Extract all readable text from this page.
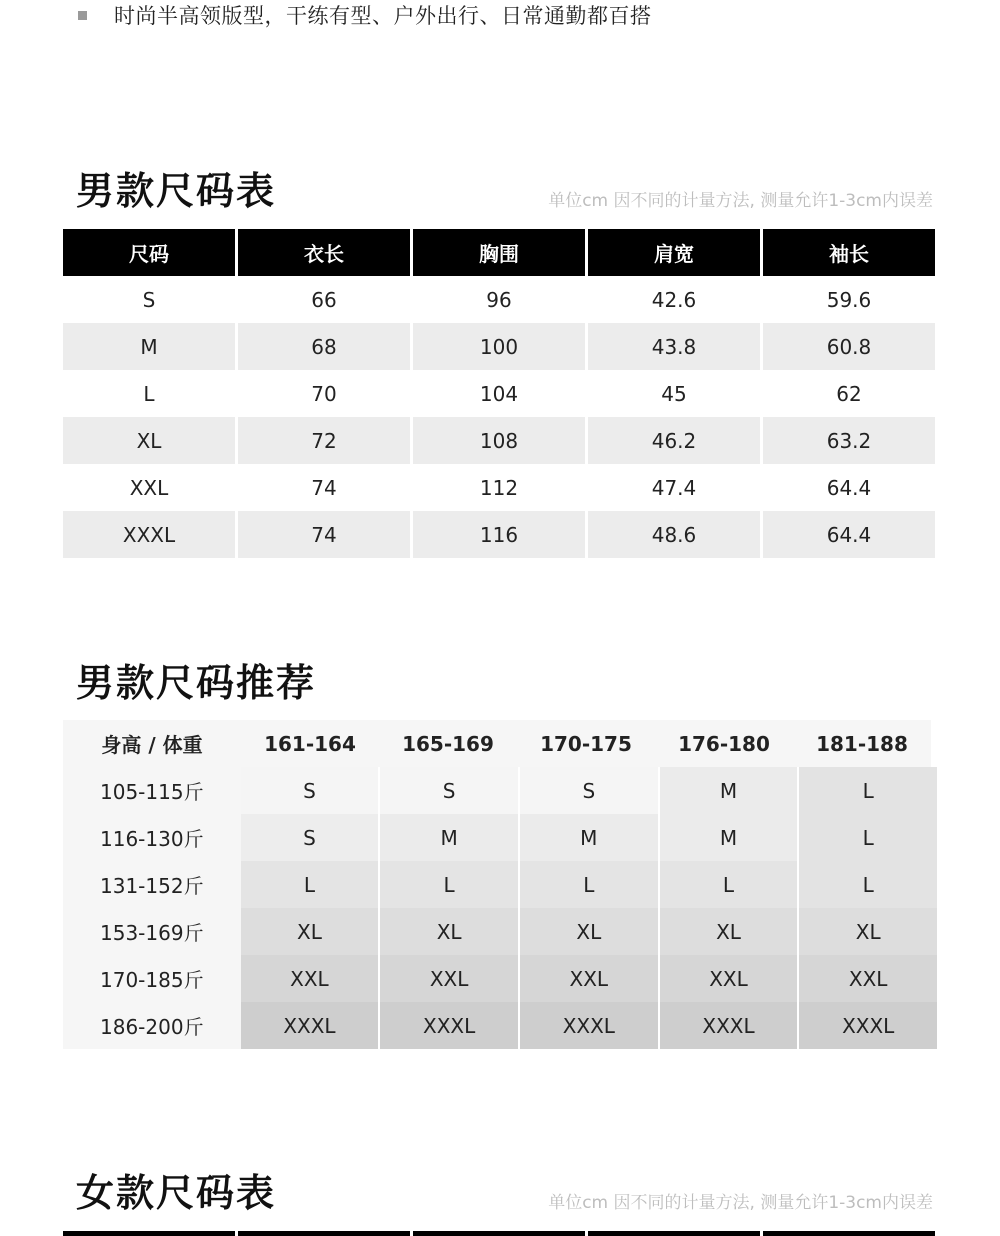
时尚半高领版型，干练有型、户外出行、日常通勤都百搭
男款尺码表	单位cm 因不同的计量方法, 测量允许1-3cm内误差
尺码	衣长	胸围	肩宽	袖长
S	66	96	42.6	59.6
M	68	100	43.8	60.8
L	70	104	45	62
XL	72	108	46.2	63.2
XXL	74	112	47.4	64.4
XXXL	74	116	48.6	64.4
男款尺码推荐
身高 / 体重	161-164	165-169	170-175	176-180	181-188
105-115斤	S	S	S	M	L
116-130斤	S	M	M	M	L
131-152斤	L	L	L	L	L
153-169斤	XL	XL	XL	XL	XL
170-185斤	XXL	XXL	XXL	XXL	XXL
186-200斤	XXXL	XXXL	XXXL	XXXL	XXXL
女款尺码表	单位cm 因不同的计量方法, 测量允许1-3cm内误差
